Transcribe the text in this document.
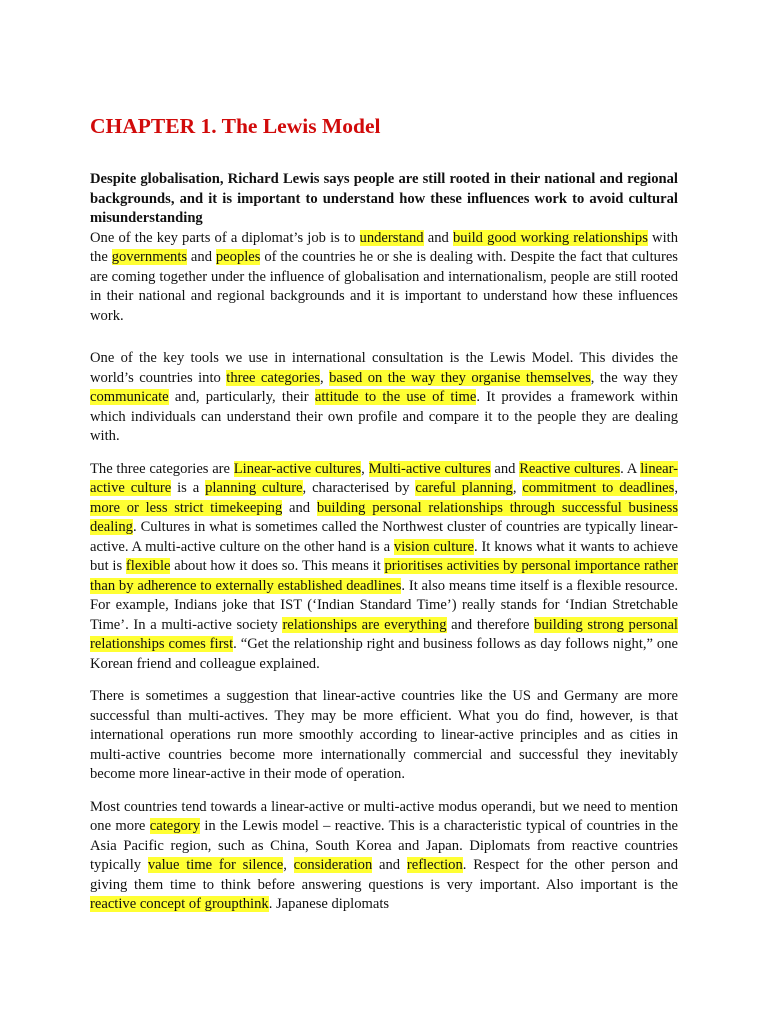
CHAPTER 1. The Lewis Model

Despite globalisation, Richard Lewis says people are still rooted in their national and regional backgrounds, and it is important to understand how these influences work to avoid cultural misunderstanding

One of the key parts of a diplomat’s job is to understand and build good working relationships with the governments and peoples of the countries he or she is dealing with. Despite the fact that cultures are coming together under the influence of globalisation and internationalism, people are still rooted in their national and regional backgrounds and it is important to understand how these influences work.

One of the key tools we use in international consultation is the Lewis Model. This divides the world’s countries into three categories, based on the way they organise themselves, the way they communicate and, particularly, their attitude to the use of time. It provides a framework within which individuals can understand their own profile and compare it to the people they are dealing with.

The three categories are Linear-active cultures, Multi-active cultures and Reactive cultures. A linear-active culture is a planning culture, characterised by careful planning, commitment to deadlines, more or less strict timekeeping and building personal relationships through successful business dealing. Cultures in what is sometimes called the Northwest cluster of countries are typically linear-active. A multi-active culture on the other hand is a vision culture. It knows what it wants to achieve but is flexible about how it does so. This means it prioritises activities by personal importance rather than by adherence to externally established deadlines. It also means time itself is a flexible resource. For example, Indians joke that IST (‘Indian Standard Time’) really stands for ‘Indian Stretchable Time’. In a multi-active society relationships are everything and therefore building strong personal relationships comes first. “Get the relationship right and business follows as day follows night,” one Korean friend and colleague explained.

There is sometimes a suggestion that linear-active countries like the US and Germany are more successful than multi-actives. They may be more efficient. What you do find, however, is that international operations run more smoothly according to linear-active principles and as cities in multi-active countries become more internationally commercial and successful they inevitably become more linear-active in their mode of operation.

Most countries tend towards a linear-active or multi-active modus operandi, but we need to mention one more category in the Lewis model – reactive. This is a characteristic typical of countries in the Asia Pacific region, such as China, South Korea and Japan. Diplomats from reactive countries typically value time for silence, consideration and reflection. Respect for the other person and giving them time to think before answering questions is very important. Also important is the reactive concept of groupthink. Japanese diplomats
